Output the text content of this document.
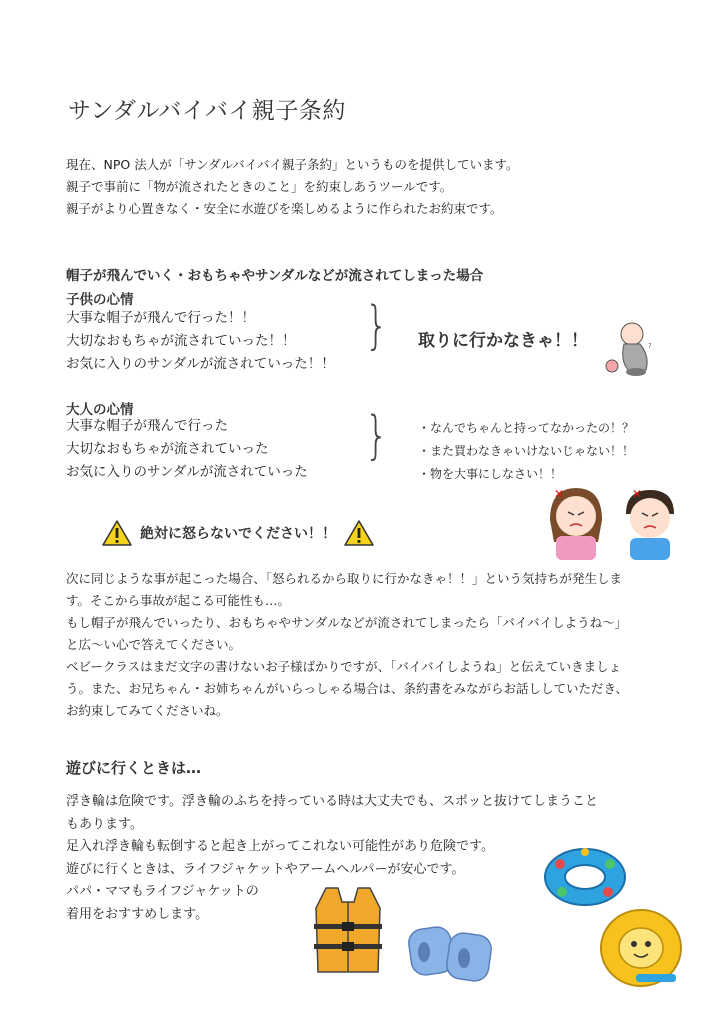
サンダルバイバイ親子条約
現在、NPO 法人が「サンダルバイバイ親子条約」というものを提供しています。
親子で事前に「物が流されたときのこと」を約束しあうツールです。
親子がより心置きなく・安全に水遊びを楽しめるように作られたお約束です。
帽子が飛んでいく・おもちゃやサンダルなどが流されてしまった場合
子供の心情
大事な帽子が飛んで行った！！
大切なおもちゃが流されていった！！
お気に入りのサンダルが流されていった！！
} 取りに行かなきゃ！！	?
大人の心情
大事な帽子が飛んで行った
大切なおもちゃが流されていった
お気に入りのサンダルが流されていった
} ・なんでちゃんと持ってなかったの！？
・また買わなきゃいけないじゃない！！
・物を大事にしなさい！！
✕	✕
絶対に怒らないでください！！
次に同じような事が起こった場合、「怒られるから取りに行かなきゃ！！」という気持ちが発生しま
す。そこから事故が起こる可能性も…。
もし帽子が飛んでいったり、おもちゃやサンダルなどが流されてしまったら「バイバイしようね～」
と広～い心で答えてください。
ベビークラスはまだ文字の書けないお子様ばかりですが、「バイバイしようね」と伝えていきましょ
う。また、お兄ちゃん・お姉ちゃんがいらっしゃる場合は、条約書をみながらお話ししていただき、
お約束してみてくださいね。
遊びに行くときは…
浮き輪は危険です。浮き輪のふちを持っている時は大丈夫でも、スポッと抜けてしまうこと
もあります。
足入れ浮き輪も転倒すると起き上がってこれない可能性があり危険です。
遊びに行くときは、ライフジャケットやアームヘルパーが安心です。
パパ・ママもライフジャケットの
着用をおすすめします。
